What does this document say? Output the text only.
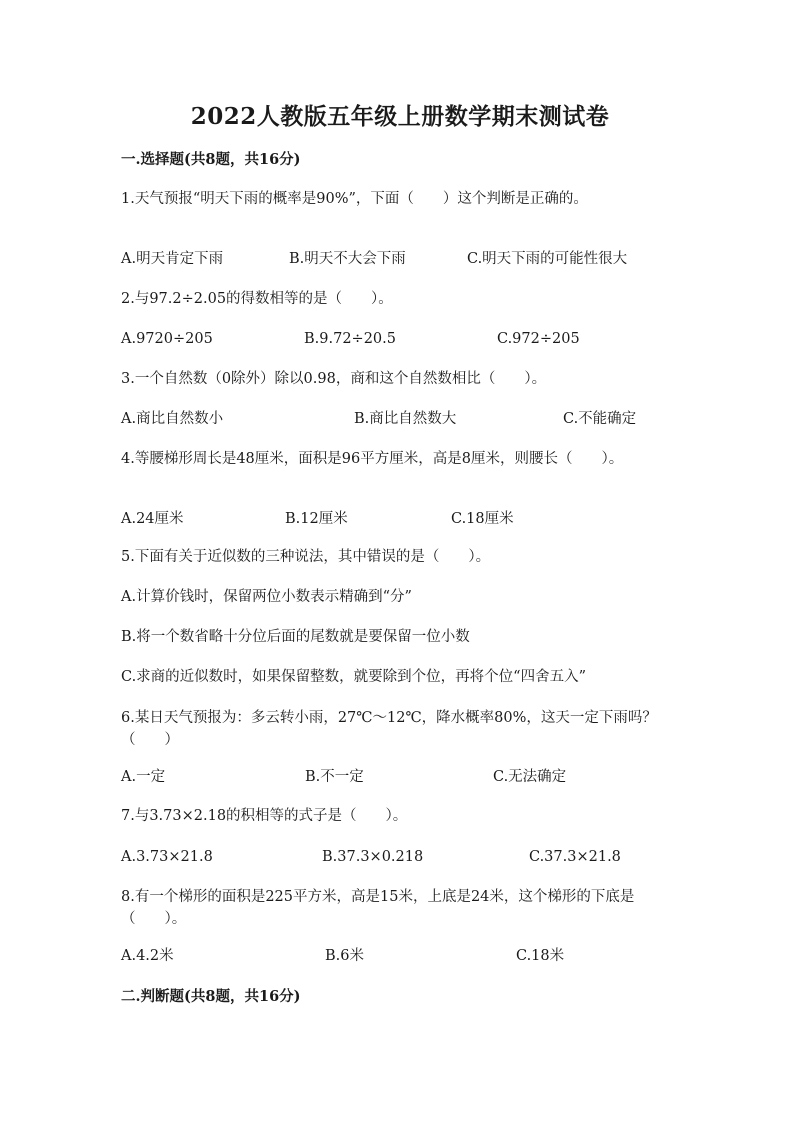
2022人教版五年级上册数学期末测试卷
一.选择题(共8题，共16分)
1.天气预报“明天下雨的概率是90%”，下面（　　）这个判断是正确的。
A.明天肯定下雨	B.明天不大会下雨	C.明天下雨的可能性很大
2.与97.2÷2.05的得数相等的是（　　）。
A.9720÷205	B.9.72÷20.5	C.972÷205
3.一个自然数（0除外）除以0.98，商和这个自然数相比（　　）。
A.商比自然数小	B.商比自然数大	C.不能确定
4.等腰梯形周长是48厘米，面积是96平方厘米，高是8厘米，则腰长（　　）。
A.24厘米	B.12厘米	C.18厘米
5.下面有关于近似数的三种说法，其中错误的是（　　）。
A.计算价钱时，保留两位小数表示精确到“分”
B.将一个数省略十分位后面的尾数就是要保留一位小数
C.求商的近似数时，如果保留整数，就要除到个位，再将个位“四舍五入”
6.某日天气预报为：多云转小雨，27℃～12℃，降水概率80%，这天一定下雨吗？（　　）
A.一定	B.不一定	C.无法确定
7.与3.73×2.18的积相等的式子是（　　）。
A.3.73×21.8	B.37.3×0.218	C.37.3×21.8
8.有一个梯形的面积是225平方米，高是15米，上底是24米，这个梯形的下底是（　　）。
A.4.2米	B.6米	C.18米
二.判断题(共8题，共16分)
